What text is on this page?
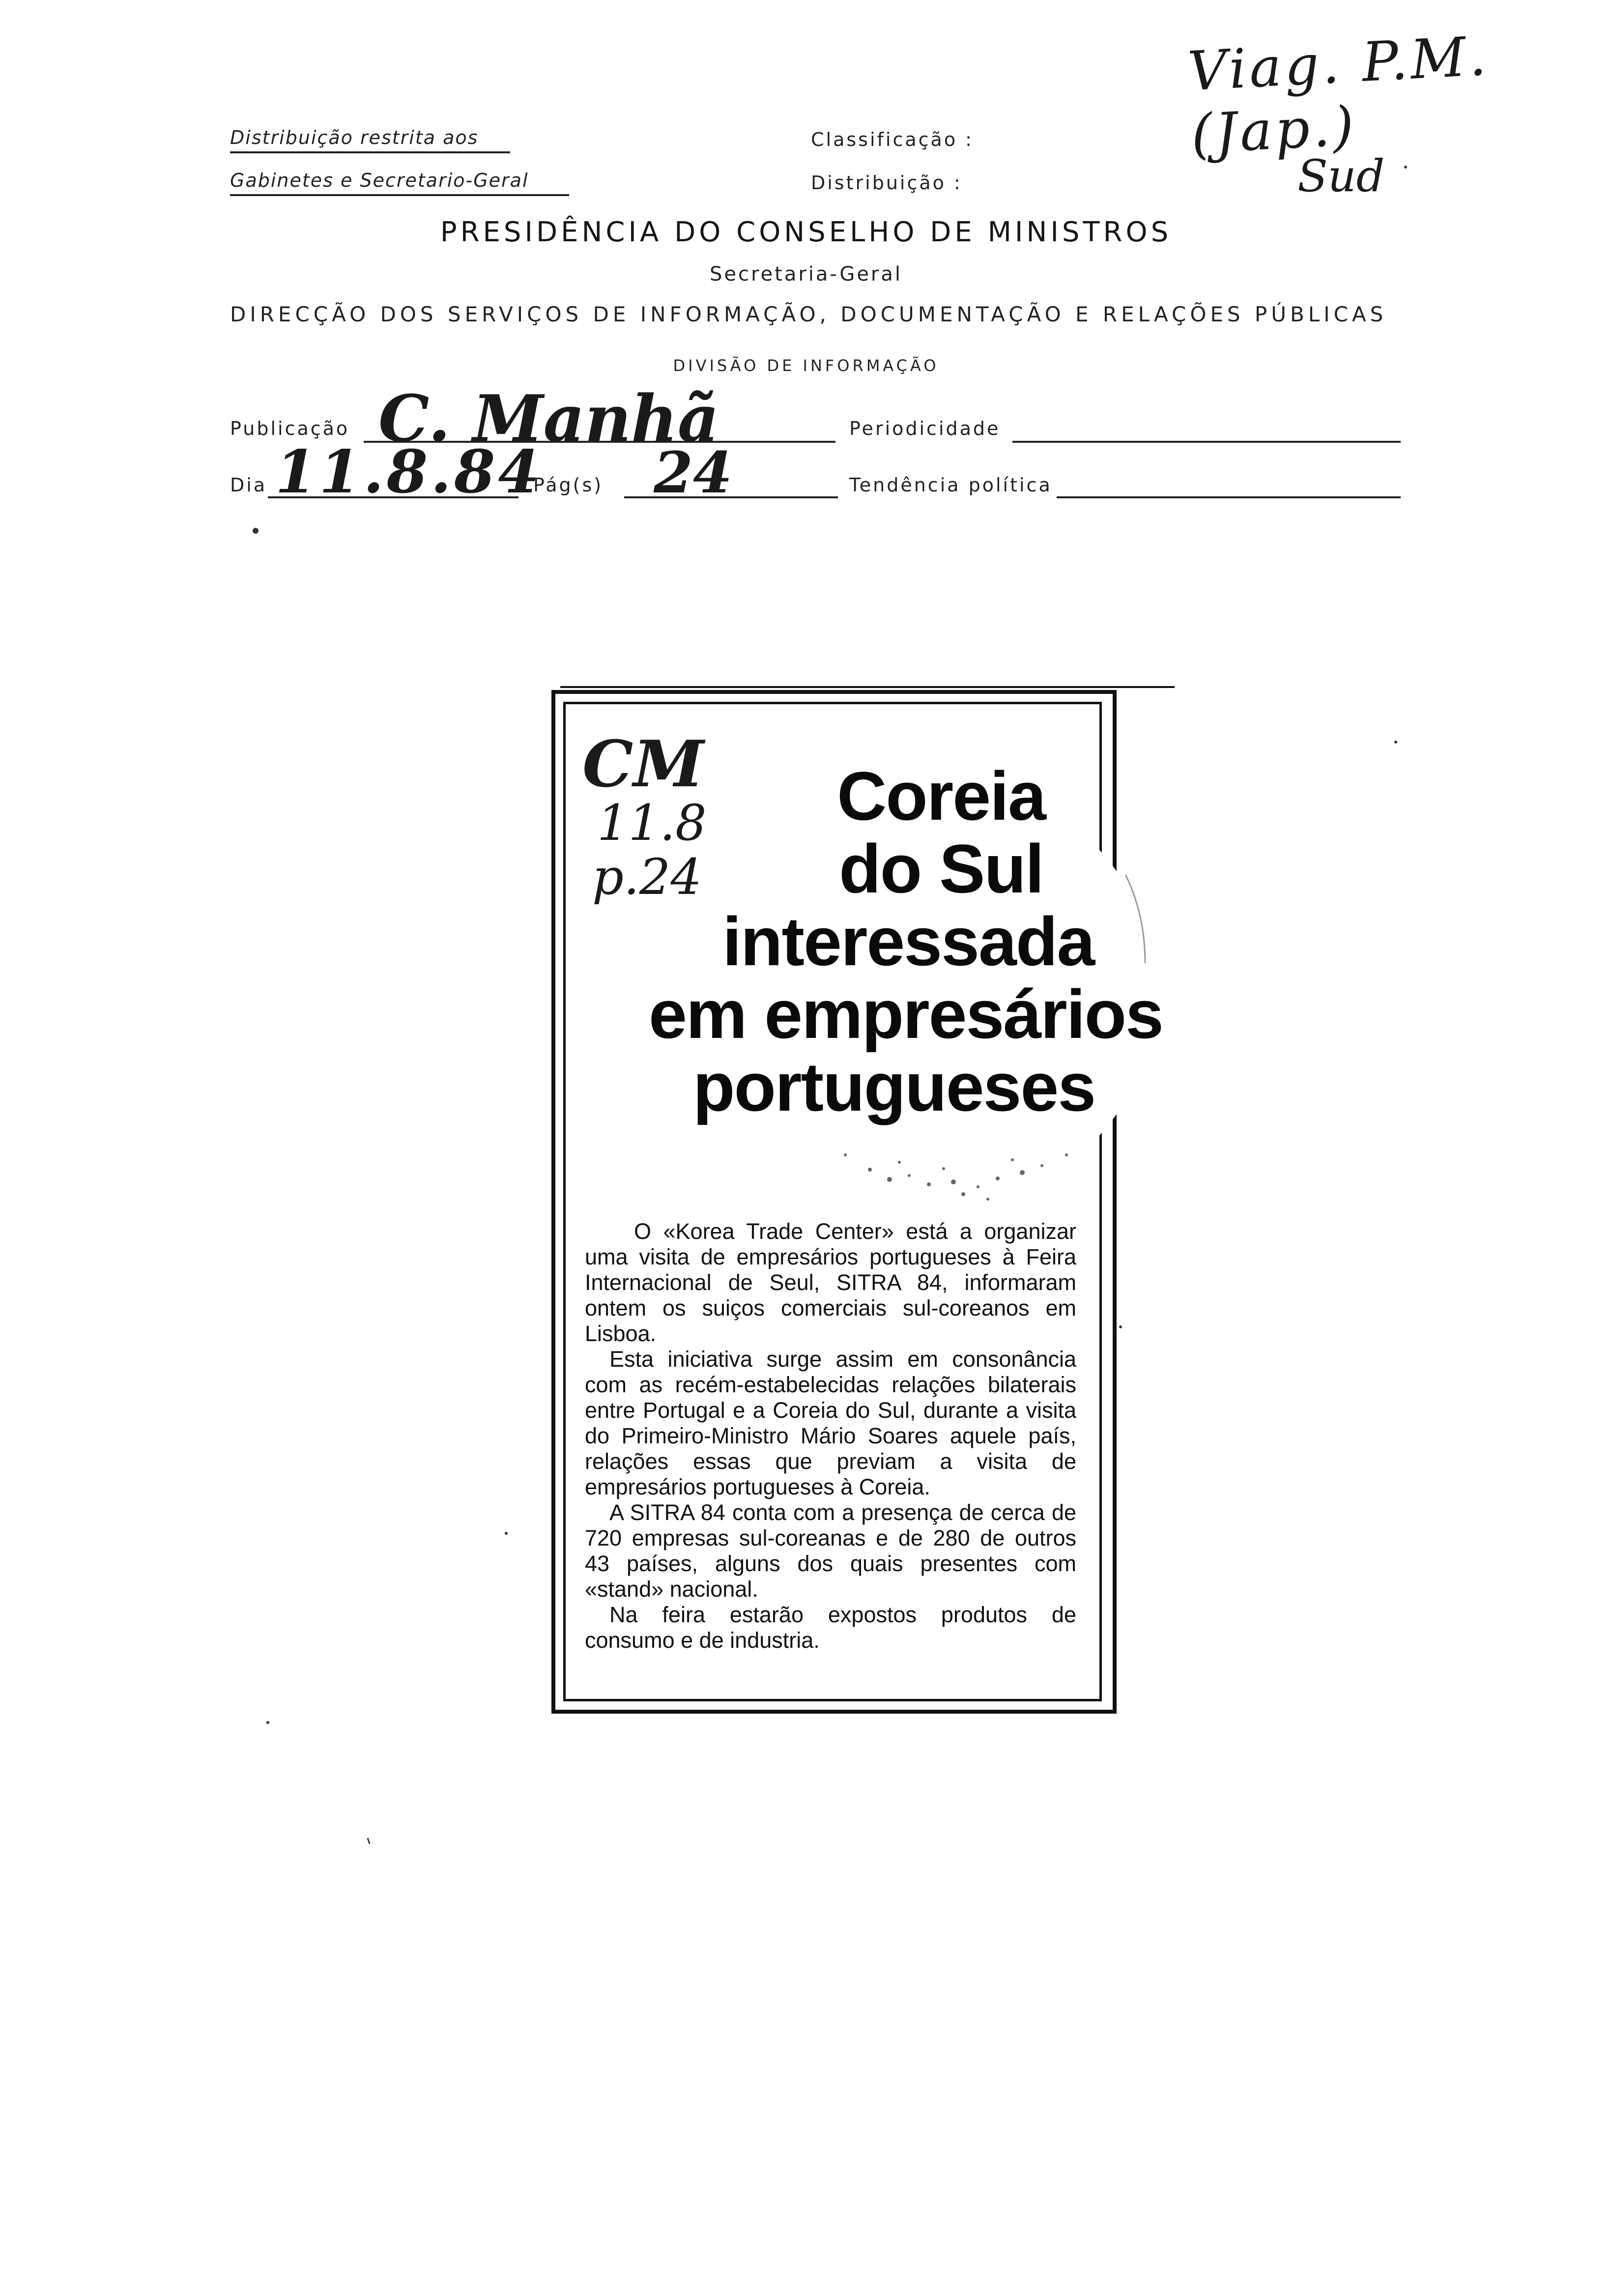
Viag. P.M. (Jap.)
Sud
Distribuição restrita aos
Gabinetes e Secretario-Geral
Classificação :
Distribuição :
PRESIDÊNCIA DO CONSELHO DE MINISTROS
Secretaria-Geral
DIRECÇÃO DOS SERVIÇOS DE INFORMAÇÃO, DOCUMENTAÇÃO E RELAÇÕES PÚBLICAS
DIVISÃO DE INFORMAÇÃO
Publicação C. Manhã	Periodicidade
Dia 11.8.84
Pág(s) 24	Tendência política
CM
11.8
p.24
Coreia
do Sul
interessada
em empresários
portugueses

O «Korea Trade Center» está a organizar uma visita de empresários portugueses à Feira Internacional de Seul, SITRA 84, informaram ontem os suiços comerciais sul-coreanos em Lisboa.

Esta iniciativa surge assim em consonância com as recém-estabelecidas relações bilaterais entre Portugal e a Coreia do Sul, durante a visita do Primeiro-Ministro Mário Soares aquele país, relações essas que previam a visita de empresários portugueses à Coreia.

A SITRA 84 conta com a presença de cerca de 720 empresas sul-coreanas e de 280 de outros 43 países, alguns dos quais presentes com «stand» nacional.

Na feira estarão expostos produtos de consumo e de industria.
